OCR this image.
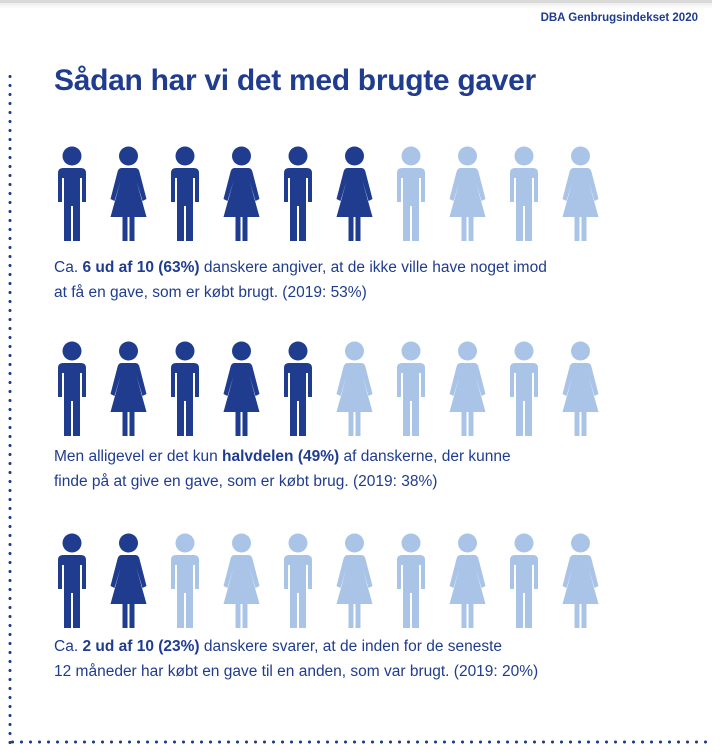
DBA Genbrugsindekset 2020
Sådan har vi det med brugte gaver
Ca. 6 ud af 10 (63%) danskere angiver, at de ikke ville have noget imod
at få en gave, som er købt brugt. (2019: 53%)
Men alligevel er det kun halvdelen (49%) af danskerne, der kunne
finde på at give en gave, som er købt brug. (2019: 38%)
Ca. 2 ud af 10 (23%) danskere svarer, at de inden for de seneste
12 måneder har købt en gave til en anden, som var brugt. (2019: 20%)
